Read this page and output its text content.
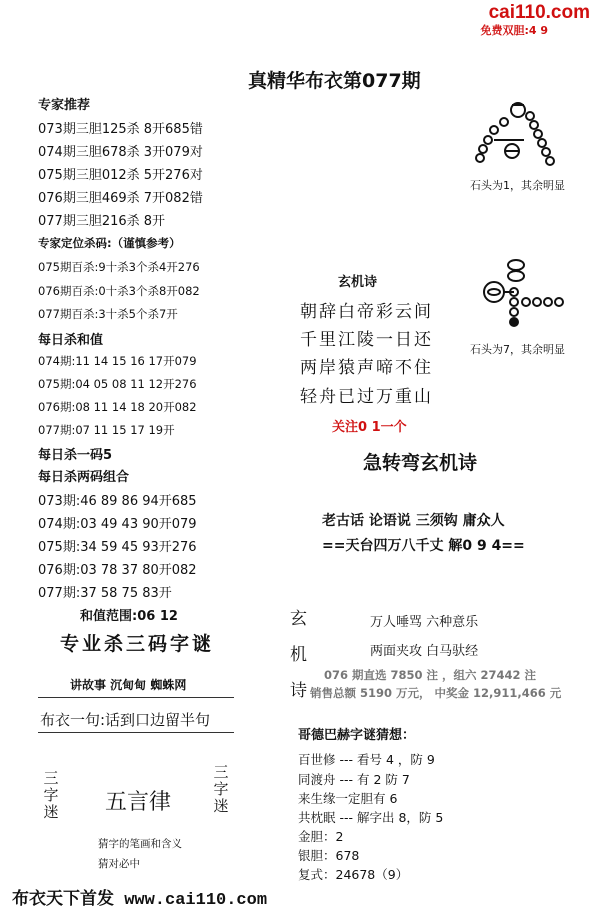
cai110.com
免费双胆:4 9
真精华布衣第077期
专家推荐
073期三胆125杀 8开685错
074期三胆678杀 3开079对
075期三胆012杀 5开276对
076期三胆469杀 7开082错
077期三胆216杀 8开
专家定位杀码:（谨慎参考）
075期百杀:9十杀3个杀4开276
076期百杀:0十杀3个杀8开082
077期百杀:3十杀5个杀7开
每日杀和值
074期:11 14 15 16 17开079
075期:04 05 08 11 12开276
076期:08 11 14 18 20开082
077期:07 11 15 17 19开
每日杀一码5
每日杀两码组合
073期:46 89 86 94开685
074期:03 49 43 90开079
075期:34 59 45 93开276
076期:03 78 37 80开082
077期:37 58 75 83开
和值范围:06 12
专业杀三码字谜
讲故事 沉甸甸 蜘蛛网
布衣一句:话到口边留半句
三字迷 五言律
三字迷
猜字的笔画和含义
猜对必中
石头为1，其余明显
石头为7，其余明显
玄机诗
朝辞白帝彩云间
千里江陵一日还
两岸猿声啼不住
轻舟已过万重山
关注0 1一个
急转弯玄机诗
老古话 论语说 三须钩 庸众人
==天台四万八千丈 解0 9 4==
玄
机
诗
万人唾骂 六种意乐
两面夹攻 白马驮经
076 期直选 7850 注 ，组六 27442 注
销售总额 5190 万元， 中奖金 12,911,466 元
哥德巴赫字谜猜想：
百世修 --- 看号 4 ，防 9
同渡舟 --- 有 2 防 7
来生缘一定胆有 6
共枕眠 --- 解字出 8，防 5
金胆：2
银胆：678
复式：24678（9）
布衣天下首发 www.cai110.com
